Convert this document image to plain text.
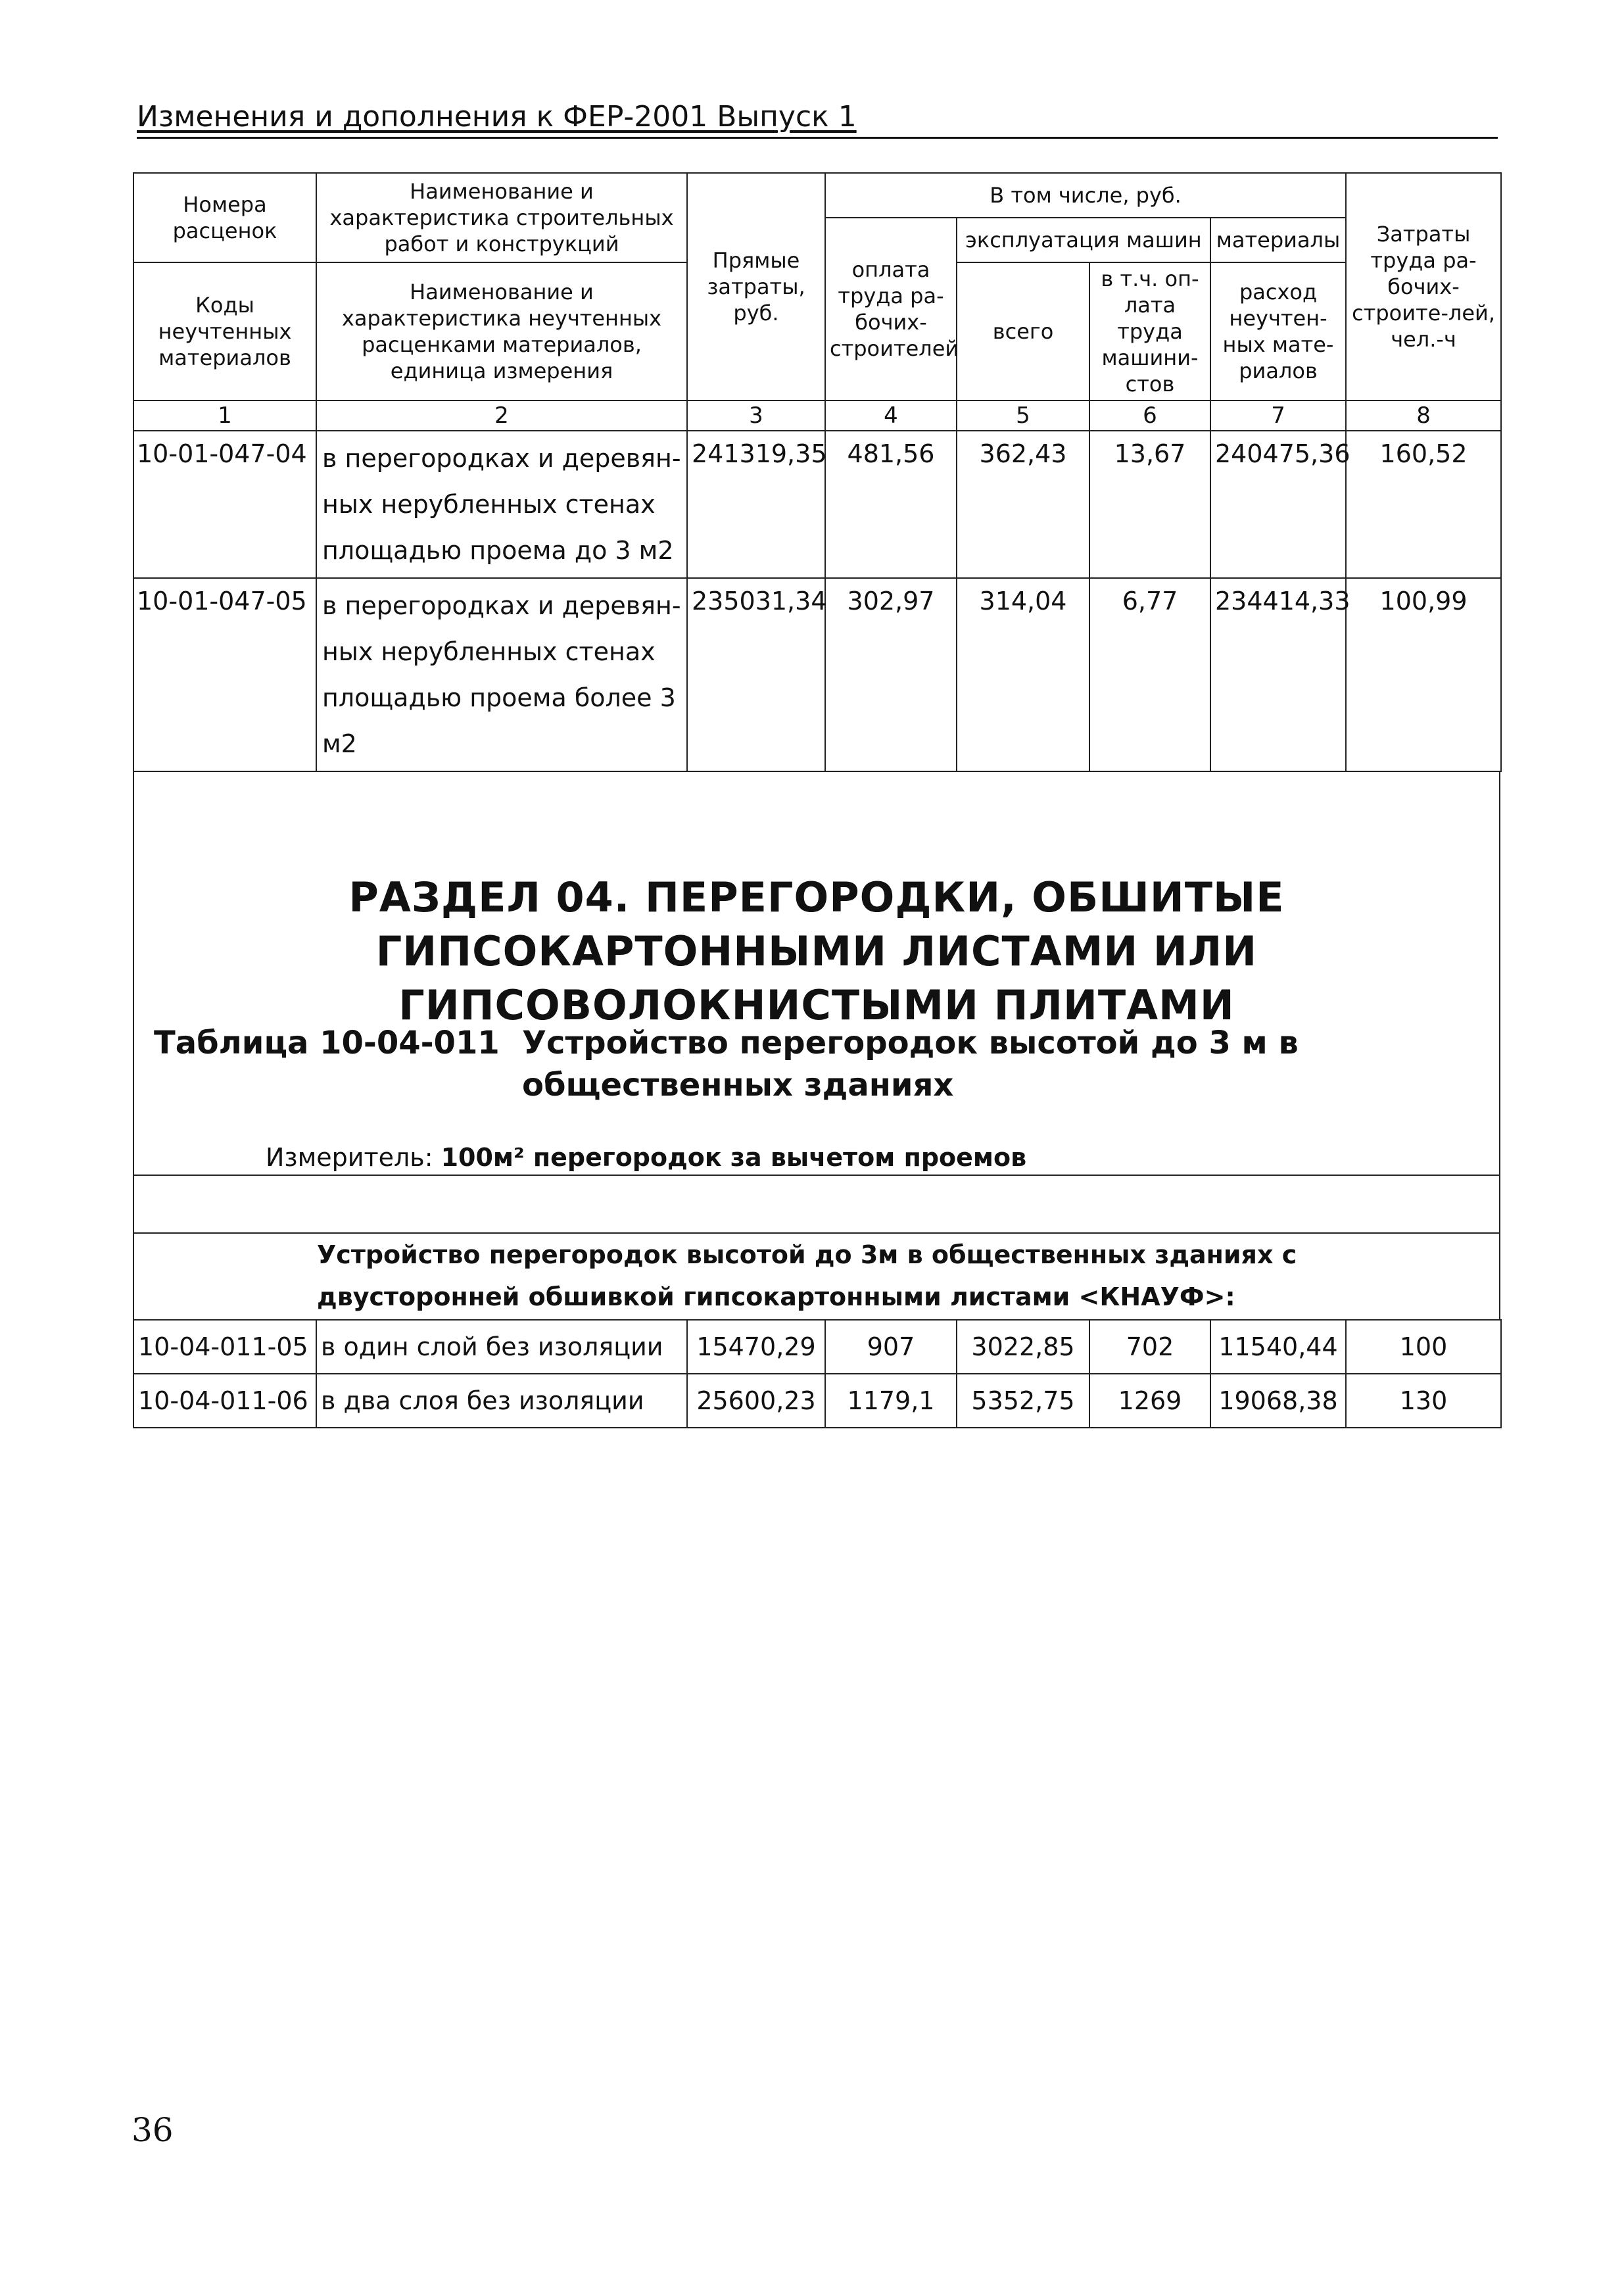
Изменения и дополнения к ФЕР-2001 Выпуск 1
Номера расценок	Наименование и характеристика строительных работ и конструкций	Прямые затраты, руб.	В том числе, руб.				Затраты труда ра-бочих-строите-лей, чел.-ч
			оплата труда ра-бочих-строителей	эксплуатация машин		материалы	
Коды неучтенных материалов	Наименование и характеристика неучтенных расценками материалов, единица измерения			всего	в т.ч. оп-лата труда машини-стов	расход неучтен-ных мате-риалов	

1	2	3	4	5	6	7	8
10-01-047-04	в перегородках и деревян-ных нерубленных стенах площадью проема до 3 м2	241319,35	481,56	362,43	13,67	240475,36	160,52
10-01-047-05	в перегородках и деревян-ных нерубленных стенах площадью проема более 3 м2	235031,34	302,97	314,04	6,77	234414,33	100,99
РАЗДЕЛ 04. ПЕРЕГОРОДКИ, ОБШИТЫЕ ГИПСОКАРТОННЫМИ ЛИСТАМИ ИЛИ ГИПСОВОЛОКНИСТЫМИ ПЛИТАМИ
Таблица 10-04-011 Устройство перегородок высотой до 3 м в общественных зданиях
Измеритель: 100м² перегородок за вычетом проемов
Устройство перегородок высотой до 3м в общественных зданиях с двусторонней обшивкой гипсокартонными листами <КНАУФ>:
10-04-011-05	в один слой без изоляции	15470,29	907	3022,85	702	11540,44	100
10-04-011-06	в два слоя без изоляции	25600,23	1179,1	5352,75	1269	19068,38	130
36
